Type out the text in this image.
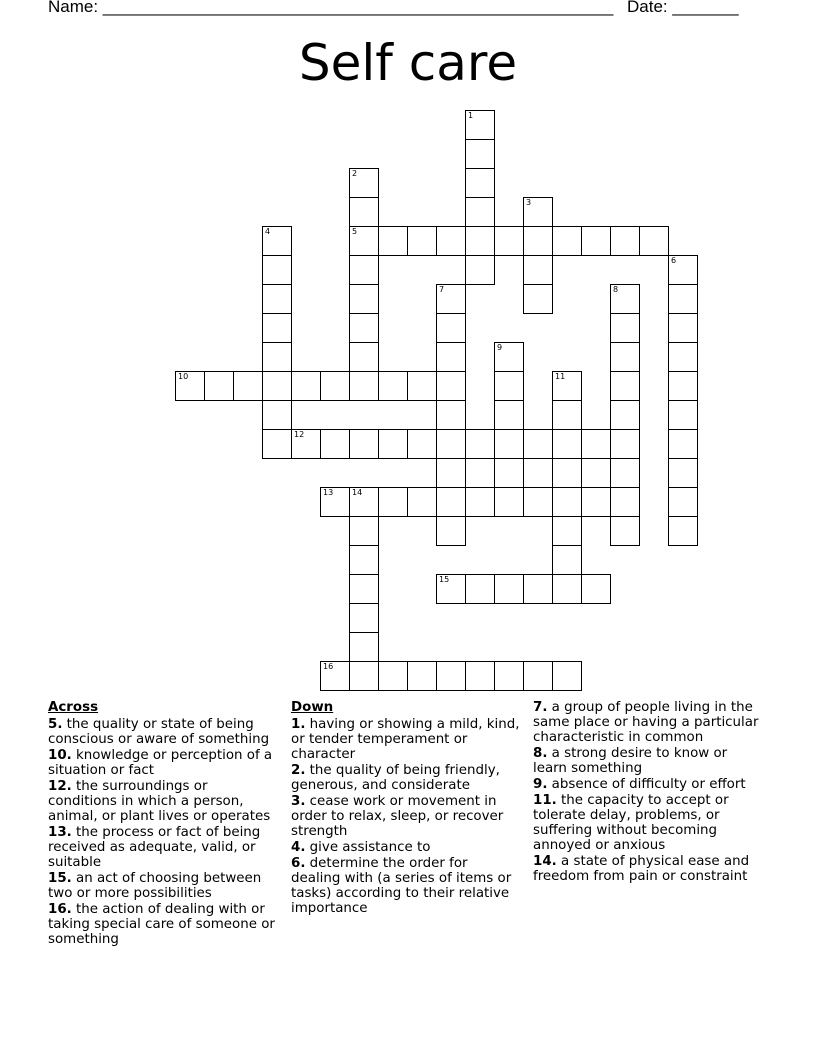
Name: ______________________________________________________ Date: _______
Self care
1
2
5
3
4
6
7	8
9
10	11
12
13 14
15
16
Across
5. the quality or state of being conscious or aware of something
10. knowledge or perception of a situation or fact
12. the surroundings or conditions in which a person, animal, or plant lives or operates
13. the process or fact of being received as adequate, valid, or suitable
15. an act of choosing between two or more possibilities
16. the action of dealing with or taking special care of someone or something
Down
1. having or showing a mild, kind, or tender temperament or character
2. the quality of being friendly, generous, and considerate
3. cease work or movement in order to relax, sleep, or recover strength
4. give assistance to
6. determine the order for dealing with (a series of items or tasks) according to their relative importance
7. a group of people living in the same place or having a particular characteristic in common
8. a strong desire to know or learn something
9. absence of difficulty or effort
11. the capacity to accept or tolerate delay, problems, or suffering without becoming annoyed or anxious
14. a state of physical ease and freedom from pain or constraint
